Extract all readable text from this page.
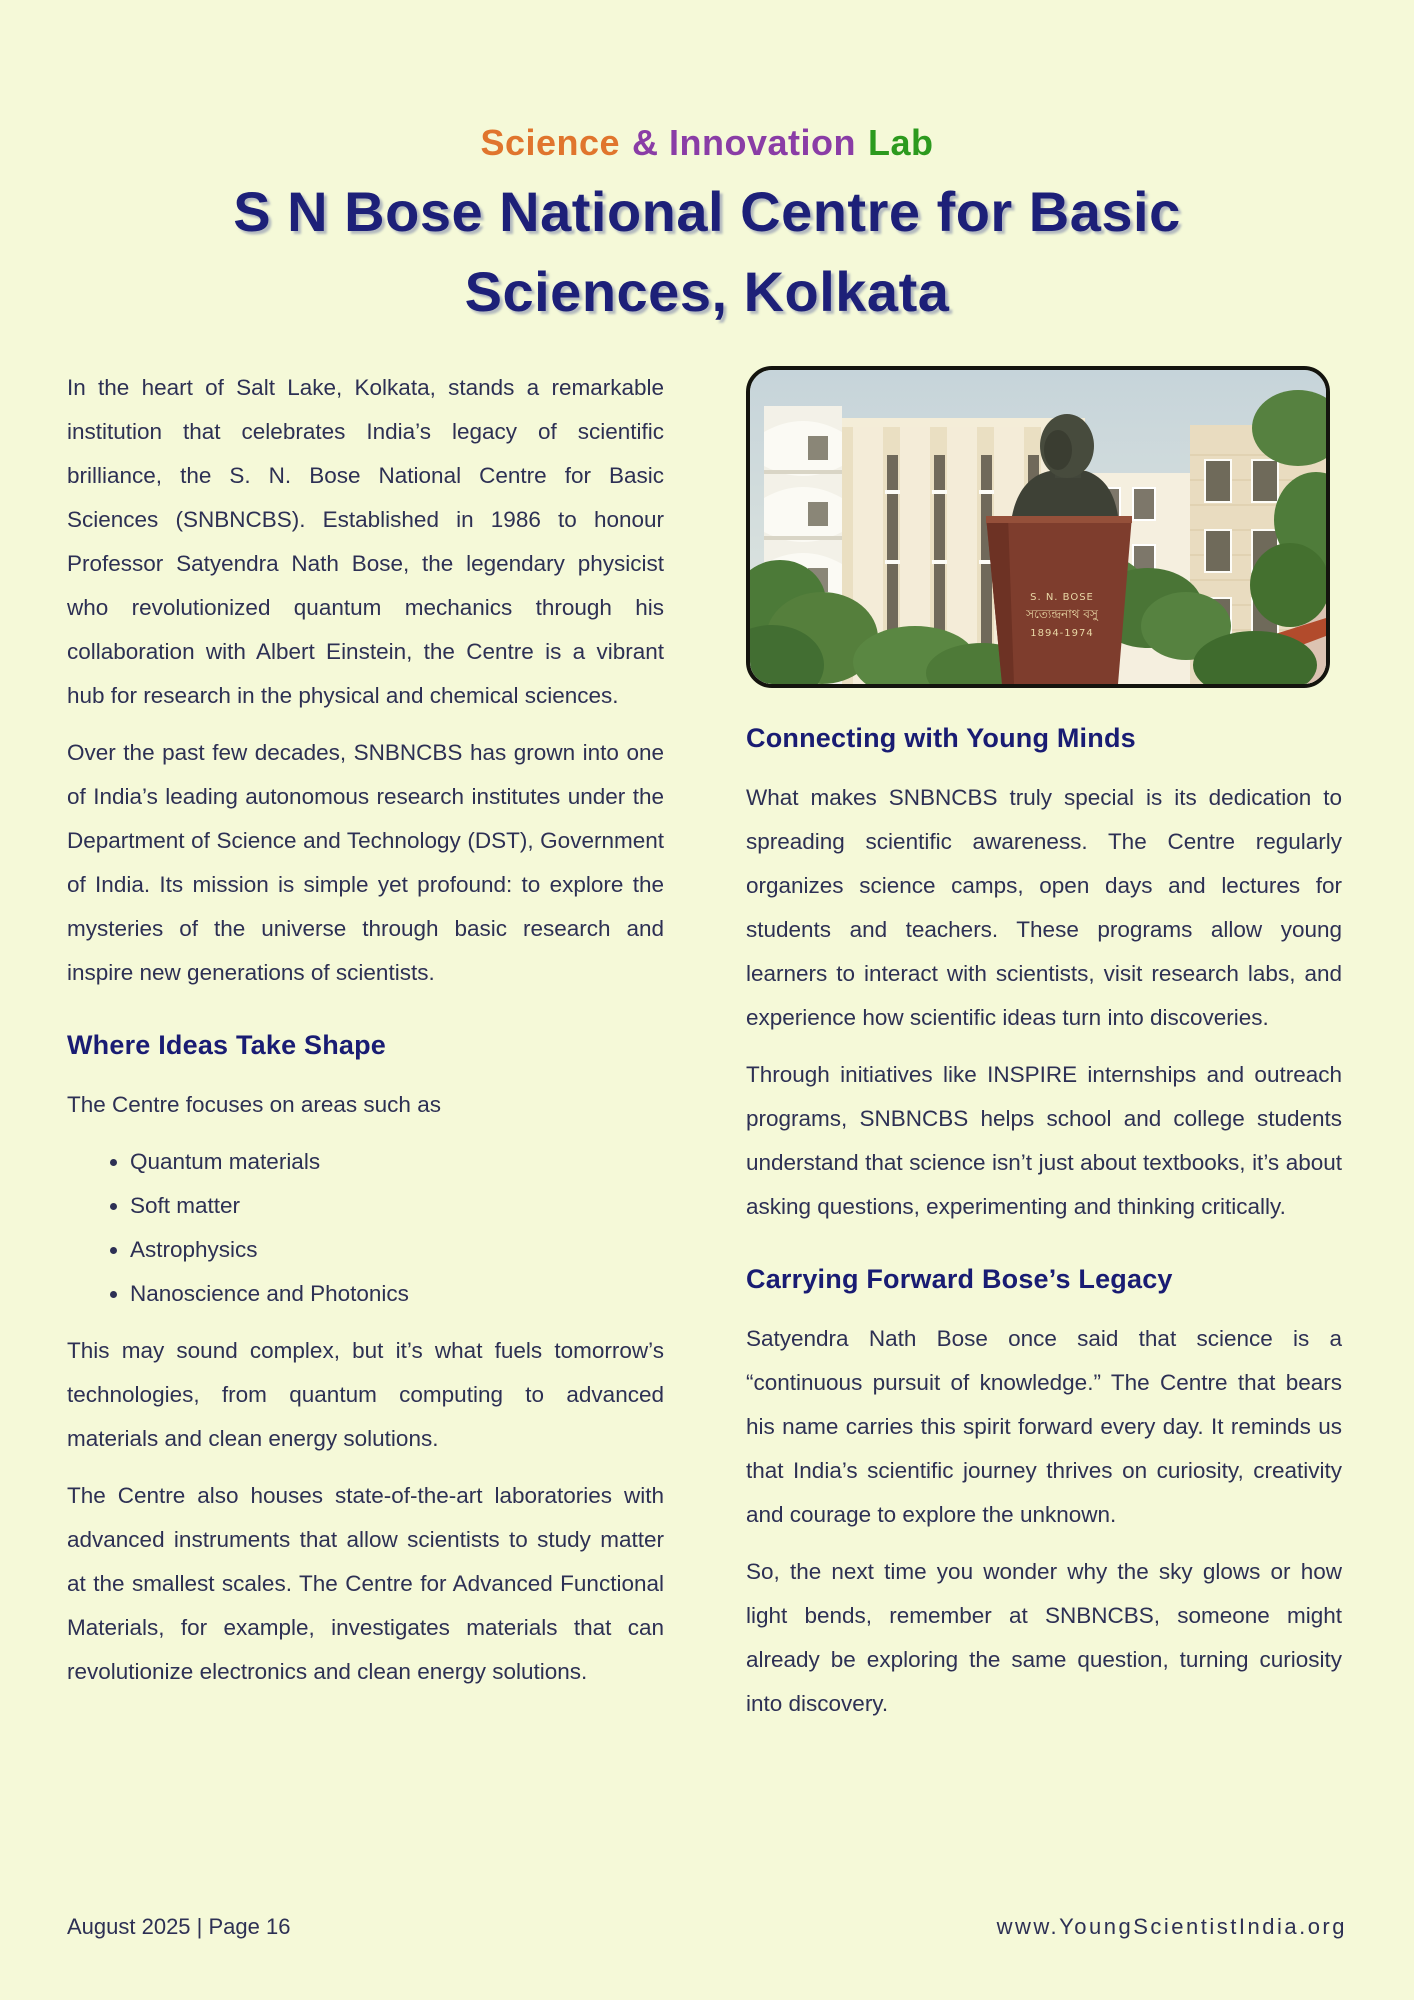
Science & Innovation Lab
S N Bose National Centre for Basic Sciences, Kolkata

In the heart of Salt Lake, Kolkata, stands a remarkable institution that celebrates India’s legacy of scientific brilliance, the S. N. Bose National Centre for Basic Sciences (SNBNCBS). Established in 1986 to honour Professor Satyendra Nath Bose, the legendary physicist who revolutionized quantum mechanics through his collaboration with Albert Einstein, the Centre is a vibrant hub for research in the physical and chemical sciences.

Over the past few decades, SNBNCBS has grown into one of India’s leading autonomous research institutes under the Department of Science and Technology (DST), Government of India. Its mission is simple yet profound: to explore the mysteries of the universe through basic research and inspire new generations of scientists.

Where Ideas Take Shape

The Centre focuses on areas such as

• Quantum materials
• Soft matter
• Astrophysics
• Nanoscience and Photonics

This may sound complex, but it’s what fuels tomorrow’s technologies, from quantum computing to advanced materials and clean energy solutions.

The Centre also houses state-of-the-art laboratories with advanced instruments that allow scientists to study matter at the smallest scales. The Centre for Advanced Functional Materials, for example, investigates materials that can revolutionize electronics and clean energy solutions.

S. N. BOSE
সত্যেন্দ্রনাথ বসু
1894-1974
Connecting with Young Minds

What makes SNBNCBS truly special is its dedication to spreading scientific awareness. The Centre regularly organizes science camps, open days and lectures for students and teachers. These programs allow young learners to interact with scientists, visit research labs, and experience how scientific ideas turn into discoveries.

Through initiatives like INSPIRE internships and outreach programs, SNBNCBS helps school and college students understand that science isn’t just about textbooks, it’s about asking questions, experimenting and thinking critically.

Carrying Forward Bose’s Legacy

Satyendra Nath Bose once said that science is a “continuous pursuit of knowledge.” The Centre that bears his name carries this spirit forward every day. It reminds us that India’s scientific journey thrives on curiosity, creativity and courage to explore the unknown.

So, the next time you wonder why the sky glows or how light bends, remember at SNBNCBS, someone might already be exploring the same question, turning curiosity into discovery.

August 2025 | Page 16	www.YoungScientistIndia.org
